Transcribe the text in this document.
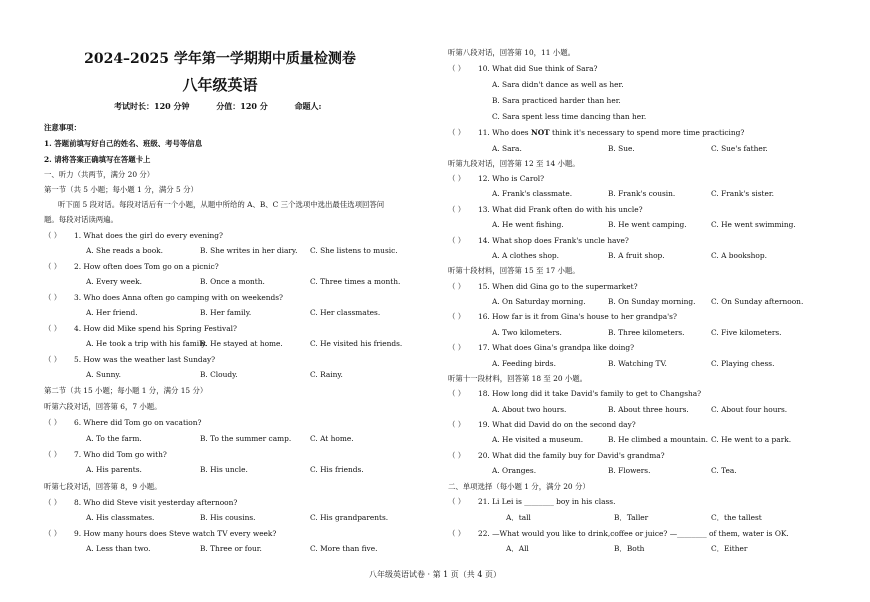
2024–2025 学年第一学期期中质量检测卷
八年级英语
考试时长：120 分钟	分值：120 分	命题人:
注意事项：
1. 答题前填写好自己的姓名、班级、考号等信息
2. 请将答案正确填写在答题卡上
一、听力（共两节，满分 20 分）
第一节（共 5 小题；每小题 1 分，满分 5 分）
听下面 5 段对话。每段对话后有一个小题，从题中所给的 A、B、C 三个选项中选出最佳选项回答问
题。每段对话读两遍。
（ ） 1. What does the girl do every evening?
A. She reads a book.	B. She writes in her diary. C. She listens to music.
（ ） 2. How often does Tom go on a picnic?
A. Every week.	B. Once a month.	C. Three times a month.
（ ） 3. Who does Anna often go camping with on weekends?
A. Her friend.	B. Her family.	C. Her classmates.
（ ） 4. How did Mike spend his Spring Festival?
A. He took a trip with his family.
B. He stayed at home.	C. He visited his friends.
（ ） 5. How was the weather last Sunday?
A. Sunny.	B. Cloudy.	C. Rainy.
第二节（共 15 小题；每小题 1 分，满分 15 分）
听第六段对话，回答第 6，7 小题。
（ ） 6. Where did Tom go on vacation?
A. To the farm.	B. To the summer camp.	C. At home.
（ ） 7. Who did Tom go with?
A. His parents.	B. His uncle.	C. His friends.
听第七段对话，回答第 8，9 小题。
（ ） 8. Who did Steve visit yesterday afternoon?
A. His classmates.	B. His cousins.	C. His grandparents.
（ ） 9. How many hours does Steve watch TV every week?
A. Less than two.	B. Three or four.	C. More than five.
听第八段对话，回答第 10，11 小题。
（ ） 10. What did Sue think of Sara?
A. Sara didn't dance as well as her.
B. Sara practiced harder than her.
C. Sara spent less time dancing than her.
（ ） 11. Who does NOT think it's necessary to spend more time practicing?
A. Sara.	B. Sue.	C. Sue's father.
听第九段对话，回答第 12 至 14 小题。
（ ） 12. Who is Carol?
A. Frank's classmate.	B. Frank's cousin.	C. Frank's sister.
（ ） 13. What did Frank often do with his uncle?
A. He went fishing.	B. He went camping.	C. He went swimming.
（ ） 14. What shop does Frank's uncle have?
A. A clothes shop.	B. A fruit shop.	C. A bookshop.
听第十段材料，回答第 15 至 17 小题。
（ ） 15. When did Gina go to the supermarket?
A. On Saturday morning.	B. On Sunday morning. C. On Sunday afternoon.
（ ） 16. How far is it from Gina's house to her grandpa's?
A. Two kilometers.	B. Three kilometers.	C. Five kilometers.
（ ） 17. What does Gina's grandpa like doing?
A. Feeding birds.	B. Watching TV.	C. Playing chess.
听第十一段材料，回答第 18 至 20 小题。
（ ） 18. How long did it take David's family to get to Changsha?
A. About two hours.	B. About three hours.	C. About four hours.
（ ） 19. What did David do on the second day?
A. He visited a museum.	B. He climbed a mountain. C. He went to a park.
（ ） 20. What did the family buy for David's grandma?
A. Oranges.	B. Flowers.	C. Tea.
二、单项选择（每小题 1 分，满分 20 分）
（ ） 21. Li Lei is ________ boy in his class.
A．tall	B．Taller	C．the tallest
（ ） 22. —What would you like to drink,coffee or juice? —________ of them, water is OK.
A．All	B．Both	C．Either
八年级英语试卷 · 第 1 页（共 4 页）
